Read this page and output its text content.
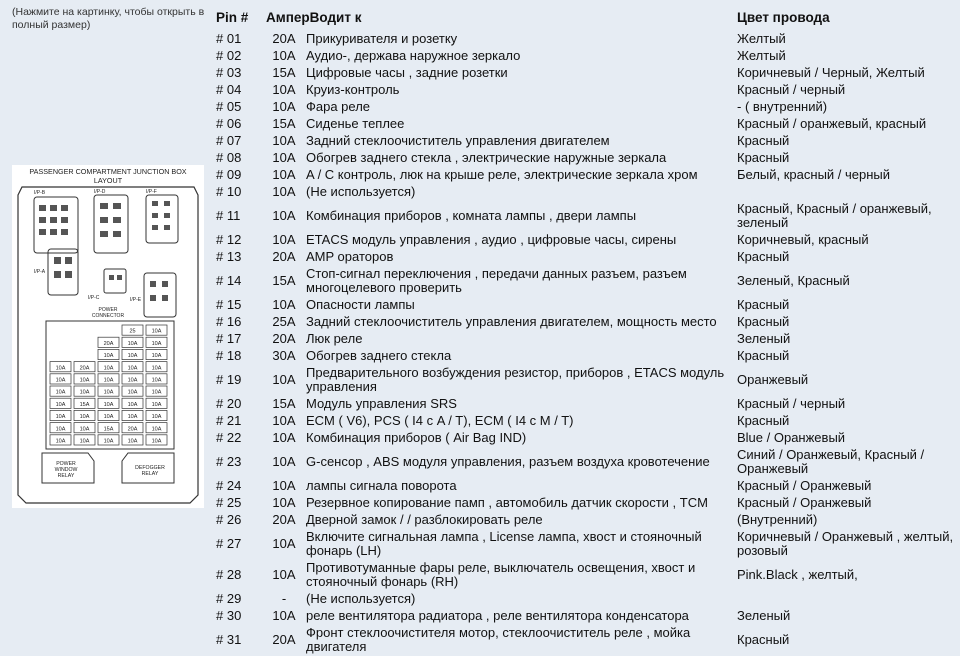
(Нажмите на картинку, чтобы открыть в полный размер)
PASSENGER COMPARTMENT JUNCTION BOX
LAYOUT
I/P-B	I/P-D	I/P-F
I/P-A
I/P-C	I/P-E
POWER
CONNECTOR
25	10A
20A	10A	10A
10A	10A	10A
10A	20A	10A	10A	10A
10A	10A	10A	10A	10A
10A	10A	10A	10A	10A
10A	15A	10A	10A	10A
10A	10A	10A	10A	10A
10A	10A	15A	20A	10A
10A	10A	10A	10A	10A
POWER
WINDOW
RELAY
DEFOGGER
RELAY
Pin #	АмперВодит к		Цвет провода
# 01	20A	Прикуривателя и розетку	Желтый
# 02	10A	Аудио-, держава наружное зеркало	Желтый
# 03	15A	Цифровые часы , задние розетки	Коричневый / Черный, Желтый
# 04	10A	Круиз-контроль	Красный / черный
# 05	10A	Фара реле	- ( внутренний)
# 06	15A	Сиденье теплее	Красный / оранжевый, красный
# 07	10A	Задний стеклоочиститель управления двигателем	Красный
# 08	10A	Обогрев заднего стекла , электрические наружные зеркала	Красный
# 09	10A	A / C контроль, люк на крыше реле, электрические зеркала хром	Белый, красный / черный
# 10	10A	(Не используется)	
# 11	10A	Комбинация приборов , комната лампы , двери лампы	Красный, Красный / оранжевый, зеленый
# 12	10A	ETACS модуль управления , аудио , цифровые часы, сирены	Коричневый, красный
# 13	20A	AMP ораторов	Красный
# 14	15A	Стоп-сигнал переключения , передачи данных разъем, разъем многоцелевого проверить	Зеленый, Красный
# 15	10A	Опасности лампы	Красный
# 16	25A	Задний стеклоочиститель управления двигателем, мощность место	Красный
# 17	20A	Люк реле	Зеленый
# 18	30A	Обогрев заднего стекла	Красный
# 19	10A	Предварительного возбуждения резистор, приборов , ETACS модуль управления	Оранжевый
# 20	15A	Модуль управления SRS	Красный / черный
# 21	10A	ECM ( V6), PCS ( I4 с A / T), ECM ( I4 с M / T)	Красный
# 22	10A	Комбинация приборов ( Air Bag IND)	Blue / Оранжевый
# 23	10A	G-сенсор , ABS модуля управления, разъем воздуха кровотечение	Синий / Оранжевый, Красный / Оранжевый
# 24	10A	лампы сигнала поворота	Красный / Оранжевый
# 25	10A	Резервное копирование памп , автомобиль датчик скорости , TCM	Красный / Оранжевый
# 26	20A	Дверной замок / / разблокировать реле	(Внутренний)
# 27	10A	Включите сигнальная лампа , License лампа, хвост и стояночный фонарь (LH)	Коричневый / Оранжевый , желтый, розовый
# 28	10A	Противотуманные фары реле, выключатель освещения, хвост и стояночный фонарь (RH)	Pink.Black , желтый,
# 29	-	(Не используется)	
# 30	10A	реле вентилятора радиатора , реле вентилятора конденсатора	Зеленый
# 31	20A	Фронт стеклоочистителя мотор, стеклоочиститель реле , мойка двигателя	Красный
